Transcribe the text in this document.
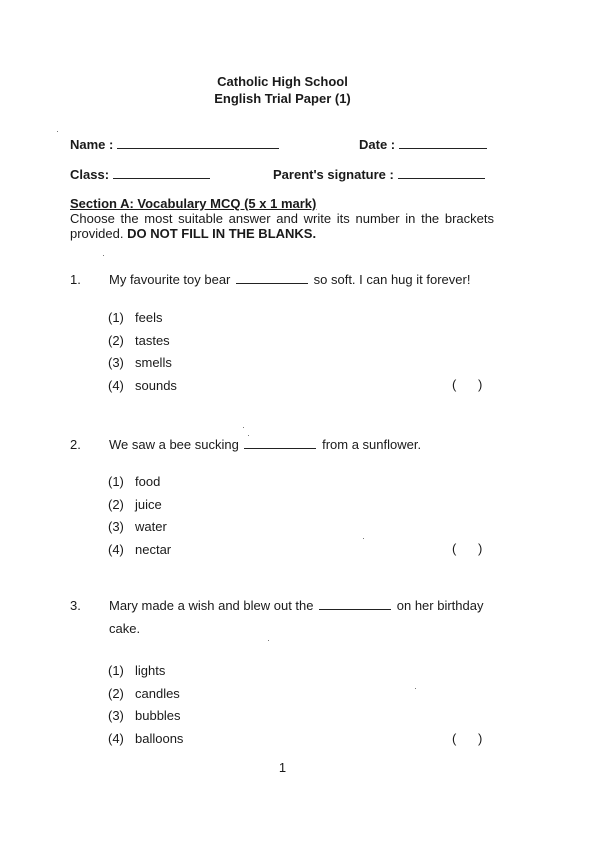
Catholic High School
English Trial Paper (1)
Name :	Date :
Class:	Parent's signature :
Section A: Vocabulary MCQ (5 x 1 mark)
Choose the most suitable answer and write its number in the brackets provided. DO NOT FILL IN THE BLANKS.
1. My favourite toy bear	so soft. I can hug it forever!
(1) feels
(2) tastes
(3) smells
(4) sounds	(      )
2. We saw a bee sucking	from a sunflower.
(1) food
(2) juice
(3) water
(4) nectar	(      )
3. Mary made a wish and blew out the	on her birthday cake.
(1) lights
(2) candles
(3) bubbles
(4) balloons	(      )
1
